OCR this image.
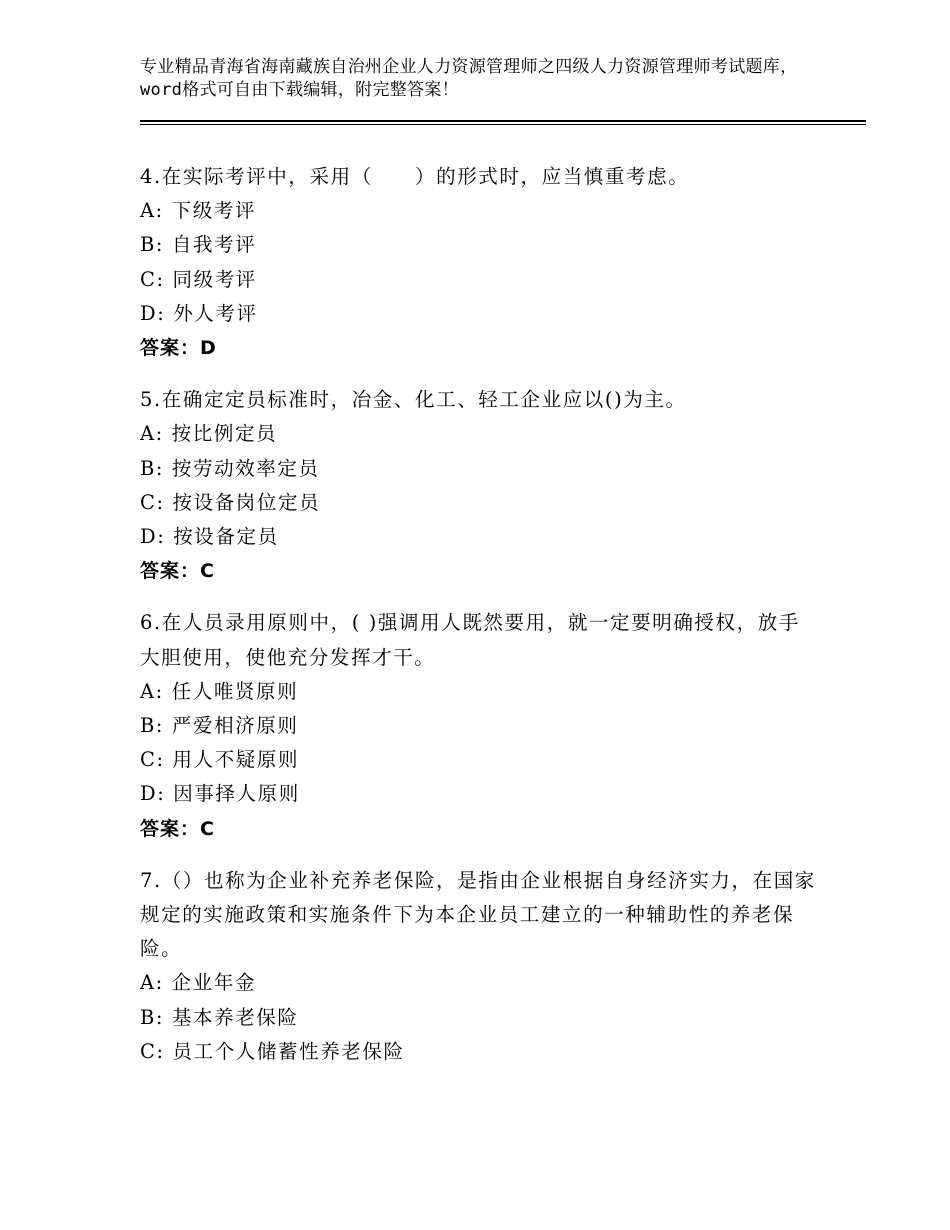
专业精品青海省海南藏族自治州企业人力资源管理师之四级人力资源管理师考试题库，word格式可自由下载编辑，附完整答案！
4.在实际考评中，采用（　　）的形式时，应当慎重考虑。
A: 下级考评
B: 自我考评
C: 同级考评
D: 外人考评
答案：D
5.在确定定员标准时，冶金、化工、轻工企业应以()为主。
A: 按比例定员
B: 按劳动效率定员
C: 按设备岗位定员
D: 按设备定员
答案：C
6.在人员录用原则中，( )强调用人既然要用，就一定要明确授权，放手大胆使用，使他充分发挥才干。
A: 任人唯贤原则
B: 严爱相济原则
C: 用人不疑原则
D: 因事择人原则
答案：C
7.（）也称为企业补充养老保险，是指由企业根据自身经济实力，在国家规定的实施政策和实施条件下为本企业员工建立的一种辅助性的养老保险。
A: 企业年金
B: 基本养老保险
C: 员工个人储蓄性养老保险
